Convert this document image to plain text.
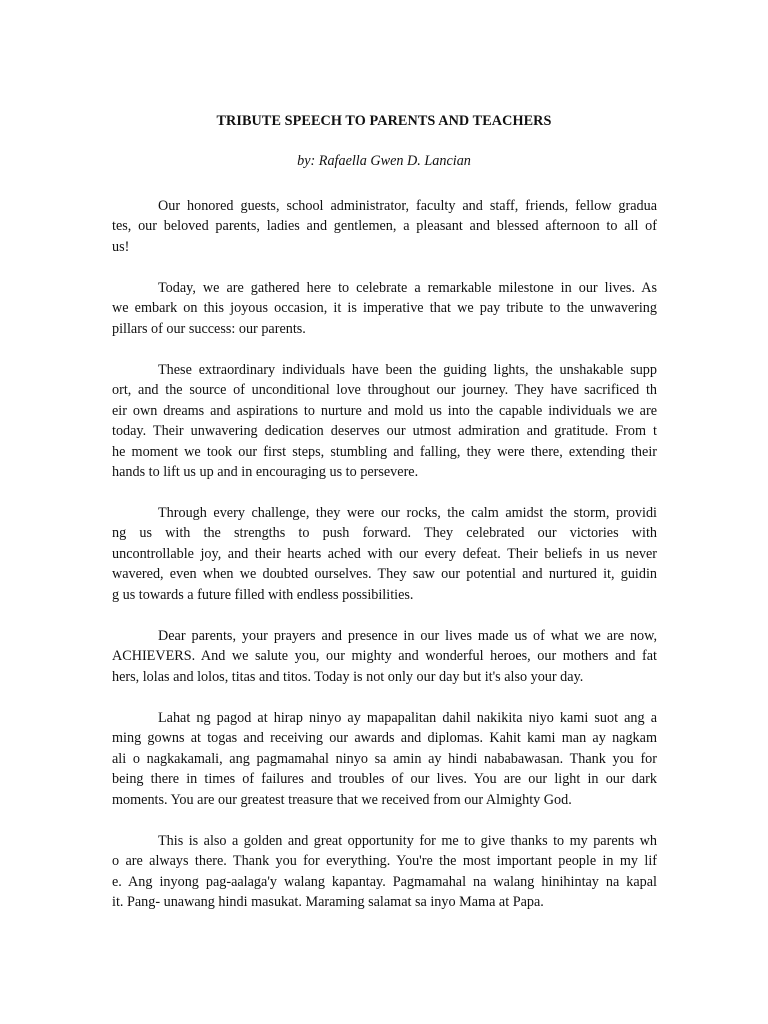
TRIBUTE SPEECH TO PARENTS AND TEACHERS
by: Rafaella Gwen D. Lancian
Our honored guests, school administrator, faculty and staff, friends, fellow gradua
tes, our beloved parents, ladies and gentlemen, a pleasant and blessed afternoon to all of
us!
Today, we are gathered here to celebrate a remarkable milestone in our lives. As
we embark on this joyous occasion, it is imperative that we pay tribute to the unwavering
pillars of our success: our parents.
These extraordinary individuals have been the guiding lights, the unshakable supp
ort, and the source of unconditional love throughout our journey. They have sacrificed th
eir own dreams and aspirations to nurture and mold us into the capable individuals we are
today. Their unwavering dedication deserves our utmost admiration and gratitude. From t
he moment we took our first steps, stumbling and falling, they were there, extending their
hands to lift us up and in encouraging us to persevere.
Through every challenge, they were our rocks, the calm amidst the storm, providi
ng us with the strengths to push forward. They celebrated our victories with
uncontrollable joy, and their hearts ached with our every defeat. Their beliefs in us never
wavered, even when we doubted ourselves. They saw our potential and nurtured it, guidin
g us towards a future filled with endless possibilities.
Dear parents, your prayers and presence in our lives made us of what we are now,
ACHIEVERS. And we salute you, our mighty and wonderful heroes, our mothers and fat
hers, lolas and lolos, titas and titos. Today is not only our day but it's also your day.
Lahat ng pagod at hirap ninyo ay mapapalitan dahil nakikita niyo kami suot ang a
ming gowns at togas and receiving our awards and diplomas. Kahit kami man ay nagkam
ali o nagkakamali, ang pagmamahal ninyo sa amin ay hindi nababawasan. Thank you for
being there in times of failures and troubles of our lives. You are our light in our dark
moments. You are our greatest treasure that we received from our Almighty God.
This is also a golden and great opportunity for me to give thanks to my parents wh
o are always there. Thank you for everything. You're the most important people in my lif
e. Ang inyong pag-aalaga'y walang kapantay. Pagmamahal na walang hinihintay na kapal
it. Pang- unawang hindi masukat. Maraming salamat sa inyo Mama at Papa.
